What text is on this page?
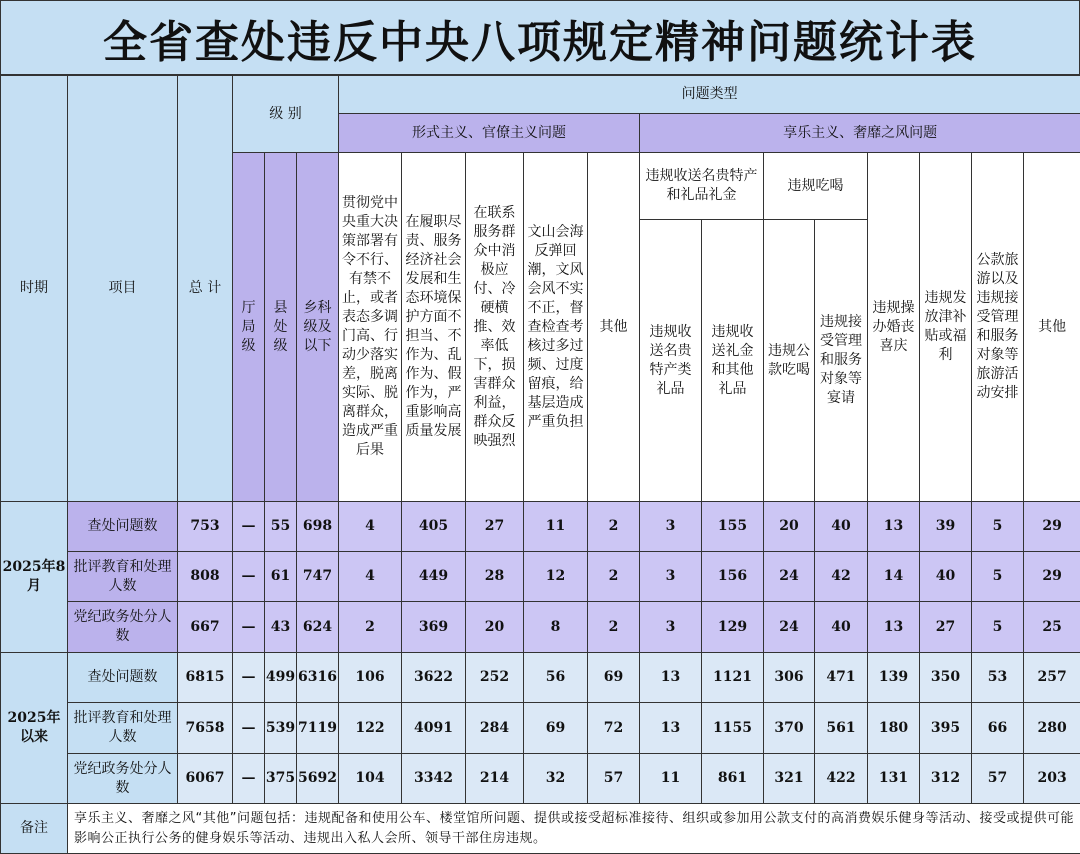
全省查处违反中央八项规定精神问题统计表
时期	项目	总 计	级 别			问题类型												
						形式主义、官僚主义问题					享乐主义、奢靡之风问题							
			厅局级	县处级	乡科级及以下	贯彻党中央重大决策部署有令不行、有禁不止，或者表态多调门高、行动少落实差，脱离实际、脱离群众，造成严重后果	在履职尽责、服务经济社会发展和生态环境保护方面不担当、不作为、乱作为、假作为，严重影响高质量发展	在联系服务群众中消极应付、冷硬横推、效率低下，损害群众利益，群众反映强烈	文山会海反弹回潮，文风会风不实不正，督查检查考核过多过频、过度留痕，给基层造成严重负担	其他	违规收送名贵特产和礼品礼金		违规吃喝		违规操办婚丧喜庆	违规发放津补贴或福利	公款旅游以及违规接受管理和服务对象等旅游活动安排	其他
											违规收送名贵特产类礼品	违规收送礼金和其他礼品	违规公款吃喝	违规接受管理和服务对象等宴请				

2025年8月	查处问题数	753	—	55	698	4	405	27	11	2	3	155	20	40	13	39	5	29
	批评教育和处理人数	808	—	61	747	4	449	28	12	2	3	156	24	42	14	40	5	29
	党纪政务处分人数	667	—	43	624	2	369	20	8	2	3	129	24	40	13	27	5	25
2025年以来	查处问题数	6815	—	499	6316	106	3622	252	56	69	13	1121	306	471	139	350	53	257
	批评教育和处理人数	7658	—	539	7119	122	4091	284	69	72	13	1155	370	561	180	395	66	280
	党纪政务处分人数	6067	—	375	5692	104	3342	214	32	57	11	861	321	422	131	312	57	203
备注	享乐主义、奢靡之风“其他”问题包括：违规配备和使用公车、楼堂馆所问题、提供或接受超标准接待、组织或参加用公款支付的高消费娱乐健身等活动、接受或提供可能影响公正执行公务的健身娱乐等活动、违规出入私人会所、领导干部住房违规。																	
